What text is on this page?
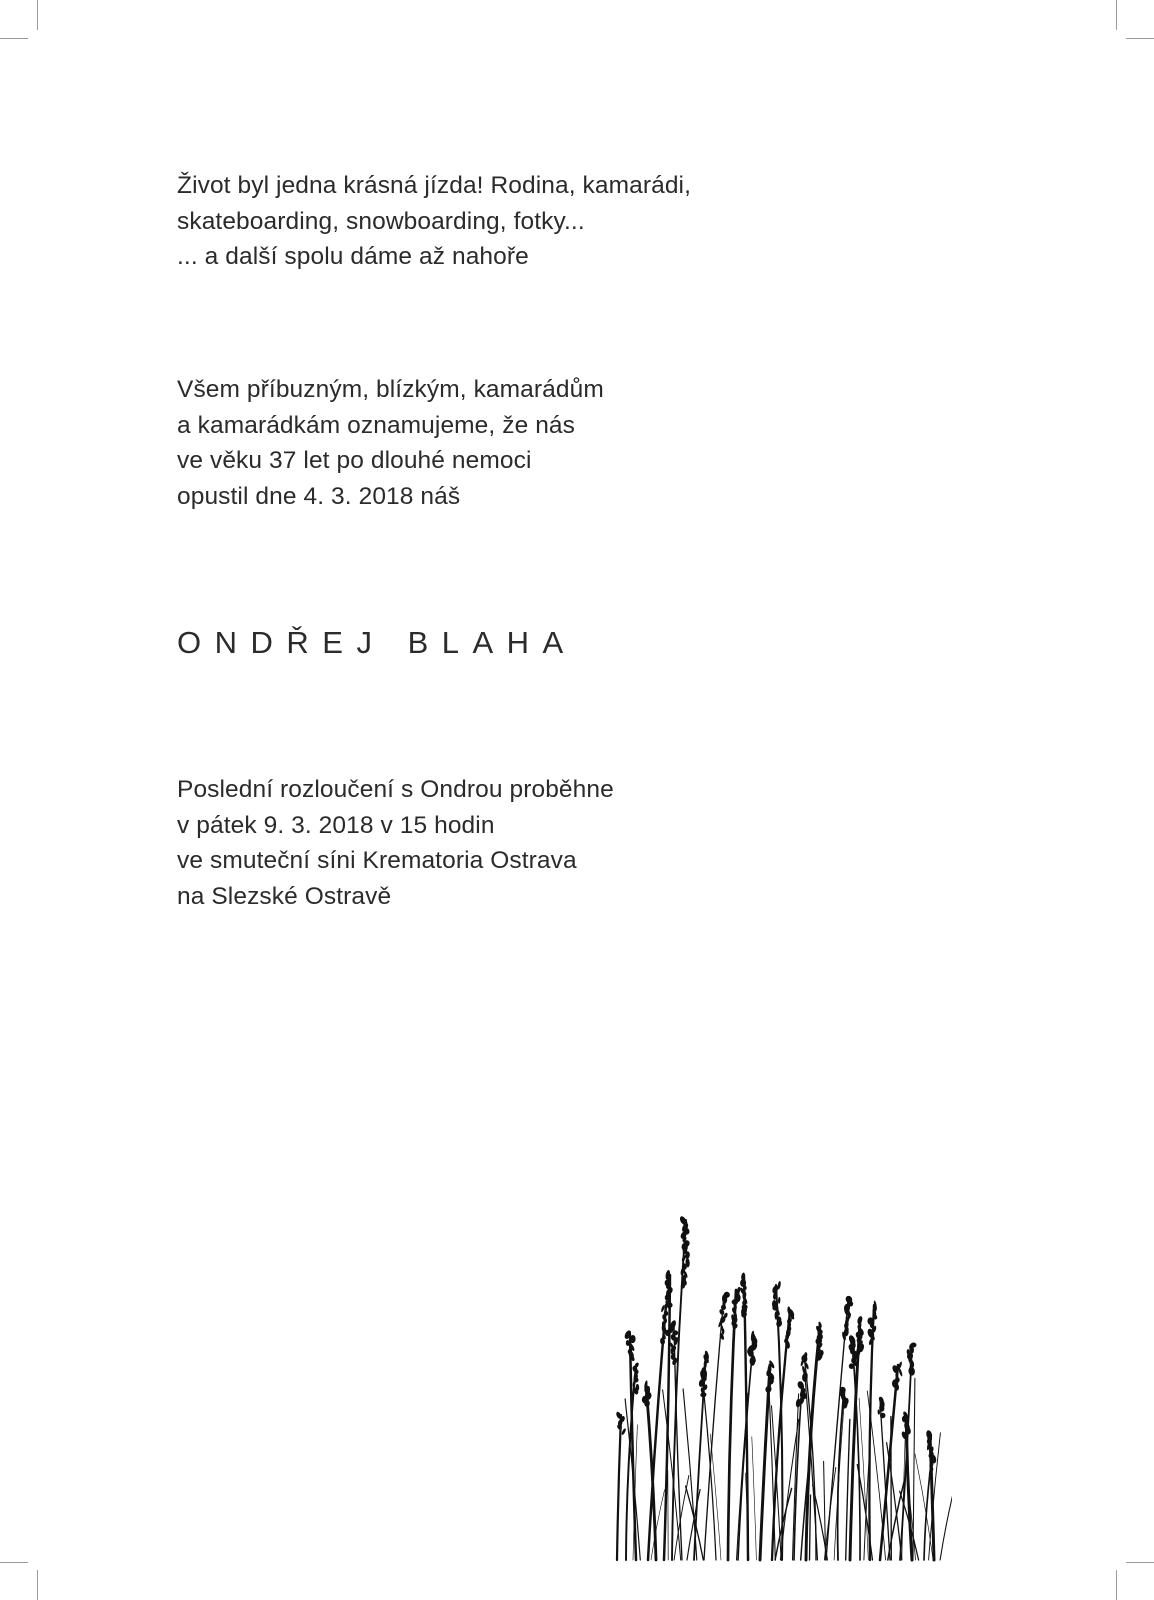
Život byl jedna krásná jízda! Rodina, kamarádi,
skateboarding, snowboarding, fotky...
... a další spolu dáme až nahoře

Všem příbuzným, blízkým, kamarádům
a kamarádkám oznamujeme, že nás
ve věku 37 let po dlouhé nemoci
opustil dne 4. 3. 2018 náš

ONDŘEJ BLAHA

Poslední rozloučení s Ondrou proběhne
v pátek 9. 3. 2018 v 15 hodin
ve smuteční síni Krematoria Ostrava
na Slezské Ostravě
